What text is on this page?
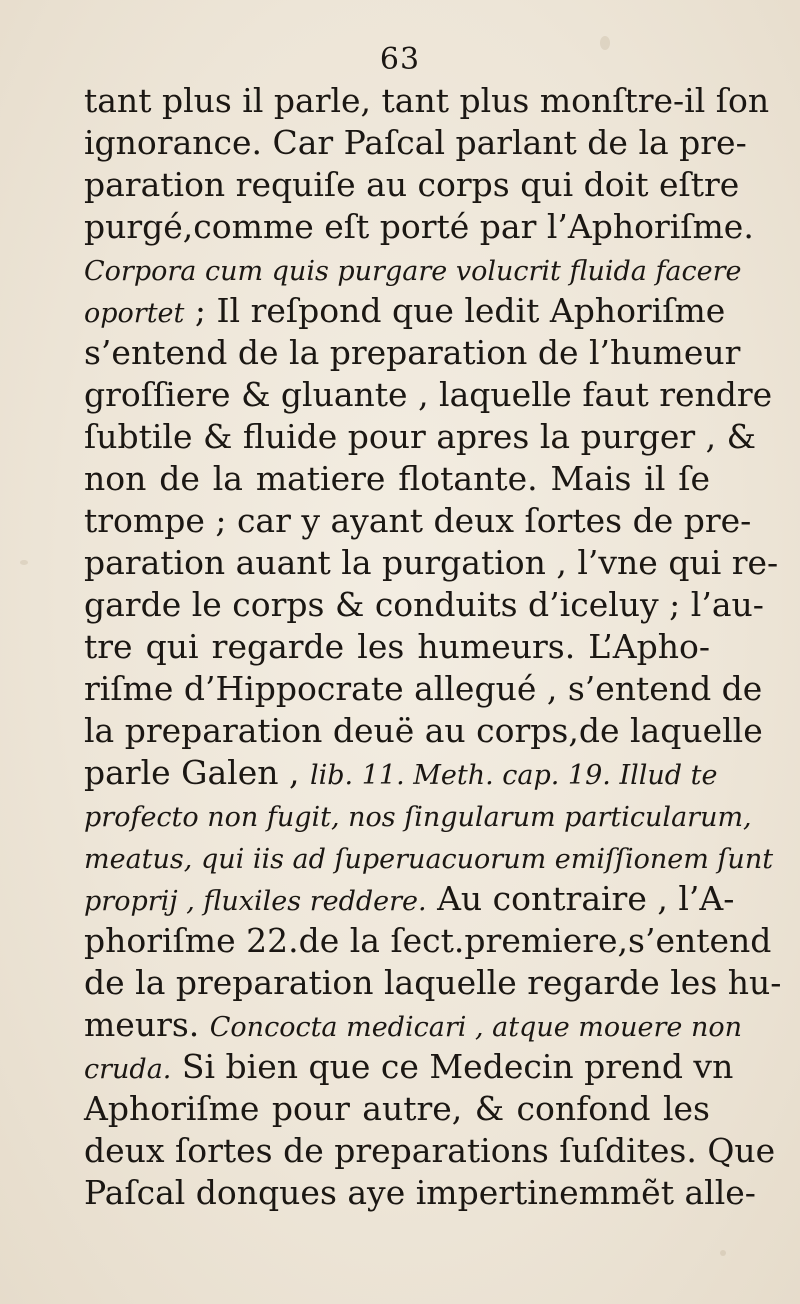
63
tant plus il parle, tant plus monſtre-il ſon
ignorance. Car Paſcal parlant de la pre-
paration requiſe au corps qui doit eſtre
purgé,comme eſt porté par l’Aphoriſme.
Corpora cum quis purgare volucrit fluida facere
oportet ; Il reſpond que ledit Aphoriſme
s’entend de la preparation de l’humeur
groſſiere & gluante , laquelle faut rendre
ſubtile & fluide pour apres la purger , &
non de la matiere flotante. Mais il ſe
trompe ; car y ayant deux ſortes de pre-
paration auant la purgation , l’vne qui re-
garde le corps & conduits d’iceluy ; l’au-
tre qui regarde les humeurs. L’Apho-
riſme d’Hippocrate allegué , s’entend de
la preparation deuë au corps,de laquelle
parle Galen , lib. 11. Meth. cap. 19. Illud te
profecto non fugit, nos ſingularum particularum,
meatus, qui iis ad ſuperuacuorum emiſſionem ſunt
proprij , fluxiles reddere. Au contraire , l’A-
phoriſme 22.de la ſect.premiere,s’entend
de la preparation laquelle regarde les hu-
meurs. Concocta medicari , atque mouere non
cruda. Si bien que ce Medecin prend vn
Aphoriſme pour autre, & confond les
deux ſortes de preparations ſuſdites. Que
Paſcal donques aye impertinemmẽt alle-
